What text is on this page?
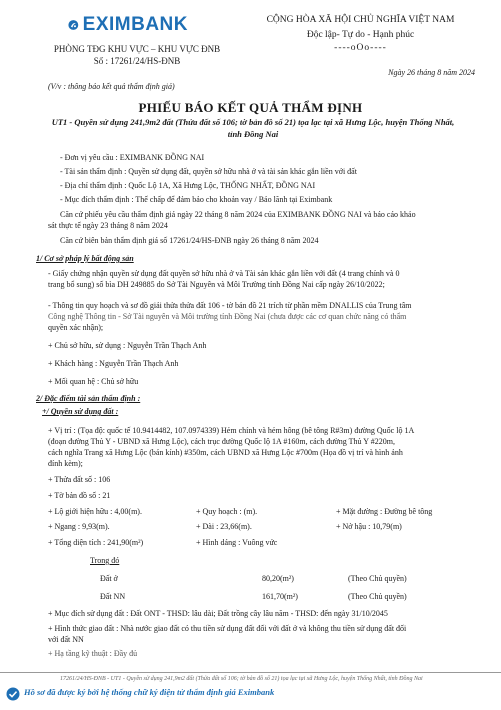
EXIMBANK
PHÒNG TĐG KHU VỰC – KHU VỰC ĐNB
Số : 17261/24/HS-ĐNB
CỘNG HÒA XÃ HỘI CHỦ NGHĨA VIỆT NAM
Độc lập- Tự do - Hạnh phúc
----oOo----
Ngày 26 tháng 8 năm 2024
(V/v : thông báo kết quả thẩm định giá)
PHIẾU BÁO KẾT QUẢ THẨM ĐỊNH
UT1 - Quyền sử dụng 241,9m2 đất (Thửa đất số 106; tờ bản đồ số 21) tọa lạc tại xã Hưng Lộc, huyện Thống Nhất, tỉnh Đồng Nai
- Đơn vị yêu cầu : EXIMBANK ĐỒNG NAI
- Tài sản thẩm định : Quyền sử dụng đất, quyền sở hữu nhà ở và tài sản khác gắn liền với đất
- Địa chỉ thẩm định : Quốc Lộ 1A, Xã Hưng Lộc, THỐNG NHẤT, ĐỒNG NAI
- Mục đích thẩm định : Thế chấp để đảm bảo cho khoản vay / Bảo lãnh tại Eximbank
Căn cứ phiếu yêu cầu thẩm định giá ngày 22 tháng 8 năm 2024 của EXIMBANK ĐỒNG NAI và báo cáo khảo
sát thực tế ngày 23 tháng 8 năm 2024
Căn cứ biên bản thẩm định giá số 17261/24/HS-ĐNB ngày 26 tháng 8 năm 2024
1/ Cơ sở pháp lý bất động sản
- Giấy chứng nhận quyền sử dụng đất quyền sở hữu nhà ở và Tài sản khác gắn liền với đất (4 trang chính và 0
trang bổ sung) số bìa DH 249885 do Sở Tài Nguyên và Môi Trường tỉnh Đồng Nai cấp ngày 26/10/2022;
- Thông tin quy hoạch và sơ đồ giải thửa thửa đất 106 - tờ bản đồ 21 trích từ phần mềm DNAI.LIS của Trung tâm
Công nghệ Thông tin - Sở Tài nguyên và Môi trường tỉnh Đồng Nai (chưa được các cơ quan chức năng có thẩm
quyền xác nhận);
+ Chủ sở hữu, sử dụng : Nguyễn Trần Thạch Anh
+ Khách hàng : Nguyễn Trần Thạch Anh
+ Mối quan hệ : Chủ sở hữu
2/ Đặc điểm tài sản thẩm định :
+/ Quyền sử dụng đất :
+ Vị trí : (Tọa độ: quốc tế 10.9414482, 107.0974339) Hẻm chính và hẻm hông (bê tông R#3m) đường Quốc lộ 1A
(đoạn đường Thủ Y - UBND xã Hưng Lộc), cách trục đường Quốc lộ 1A #160m, cách đường Thủ Y #220m,
cách nghĩa Trang xã Hưng Lộc (bán kính) #350m, cách UBND xã Hưng Lộc #700m (Họa đồ vị trí và hình ảnh
đính kèm);
+ Thửa đất số : 106
+ Tờ bản đồ số : 21
+ Lộ giới hiện hữu : 4,00(m).	+ Quy hoạch : (m).	+ Mặt đường : Đường bê tông
+ Ngang : 9,93(m).	+ Dài : 23,66(m).	+ Nở hậu : 10,79(m)
+ Tổng diện tích : 241,90(m²)	+ Hình dáng : Vuông vức
Trong đó
Đất ở	80,20(m²)	(Theo Chủ quyền)
Đất NN	161,70(m²)	(Theo Chủ quyền)
+ Mục đích sử dụng đất : Đất ONT - THSD: lâu dài; Đất trồng cây lâu năm - THSD: đến ngày 31/10/2045
+ Hình thức giao đất : Nhà nước giao đất có thu tiền sử dụng đất đối với đất ở và không thu tiền sử dụng đất đối
với đất NN
+ Hạ tầng kỹ thuật : Đầy đủ
17261/24/HS-ĐNB - UT1 - Quyền sử dụng 241,9m2 đất (Thửa đất số 106; tờ bản đồ số 21) tọa lạc tại xã Hưng Lộc, huyện Thống Nhất, tỉnh Đồng Nai
Hồ sơ đã được ký bởi hệ thống chữ ký điện tử thẩm định giá Eximbank
